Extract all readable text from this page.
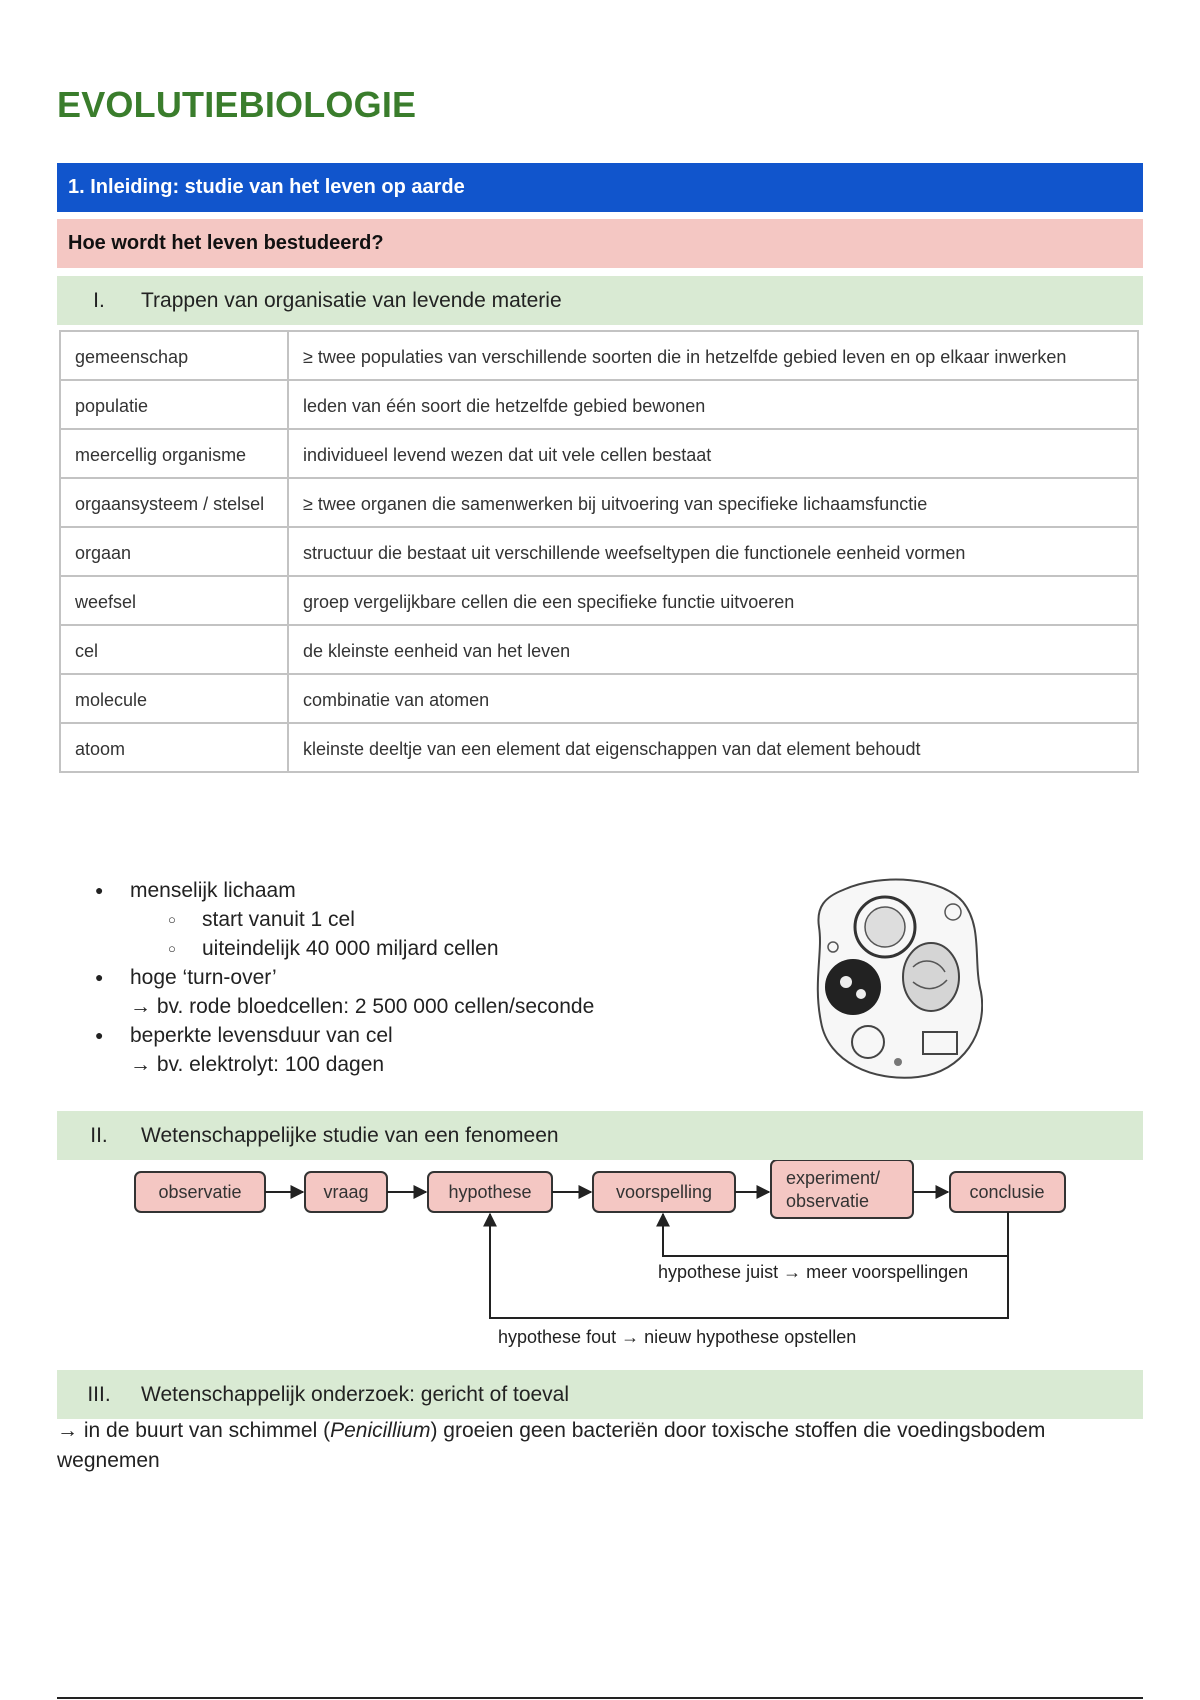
EVOLUTIEBIOLOGIE
1. Inleiding: studie van het leven op aarde
Hoe wordt het leven bestudeerd?
I.	Trappen van organisatie van levende materie
gemeenschap	≥ twee populaties van verschillende soorten die in hetzelfde gebied leven en op elkaar inwerken
populatie	leden van één soort die hetzelfde gebied bewonen
meercellig organisme	individueel levend wezen dat uit vele cellen bestaat
orgaansysteem / stelsel	≥ twee organen die samenwerken bij uitvoering van specifieke lichaamsfunctie
orgaan	structuur die bestaat uit verschillende weefseltypen die functionele eenheid vormen
weefsel	groep vergelijkbare cellen die een specifieke functie uitvoeren
cel	de kleinste eenheid van het leven
molecule	combinatie van atomen
atoom	kleinste deeltje van een element dat eigenschappen van dat element behoudt
● menselijk lichaam
○ start vanuit 1 cel
○ uiteindelijk 40 000 miljard cellen
● hoge ‘turn-over’
→ bv. rode bloedcellen: 2 500 000 cellen/seconde
● beperkte levensduur van cel
→ bv. elektrolyt: 100 dagen
II.	Wetenschappelijke studie van een fenomeen
observatie	vraag	hypothese	voorspelling
experiment/
observatie	conclusie
hypothese juist → meer voorspellingen
hypothese fout → nieuw hypothese opstellen
III.	Wetenschappelijk onderzoek: gericht of toeval

→ in de buurt van schimmel (Penicillium) groeien geen bacteriën door toxische stoffen die voedingsbodem wegnemen
